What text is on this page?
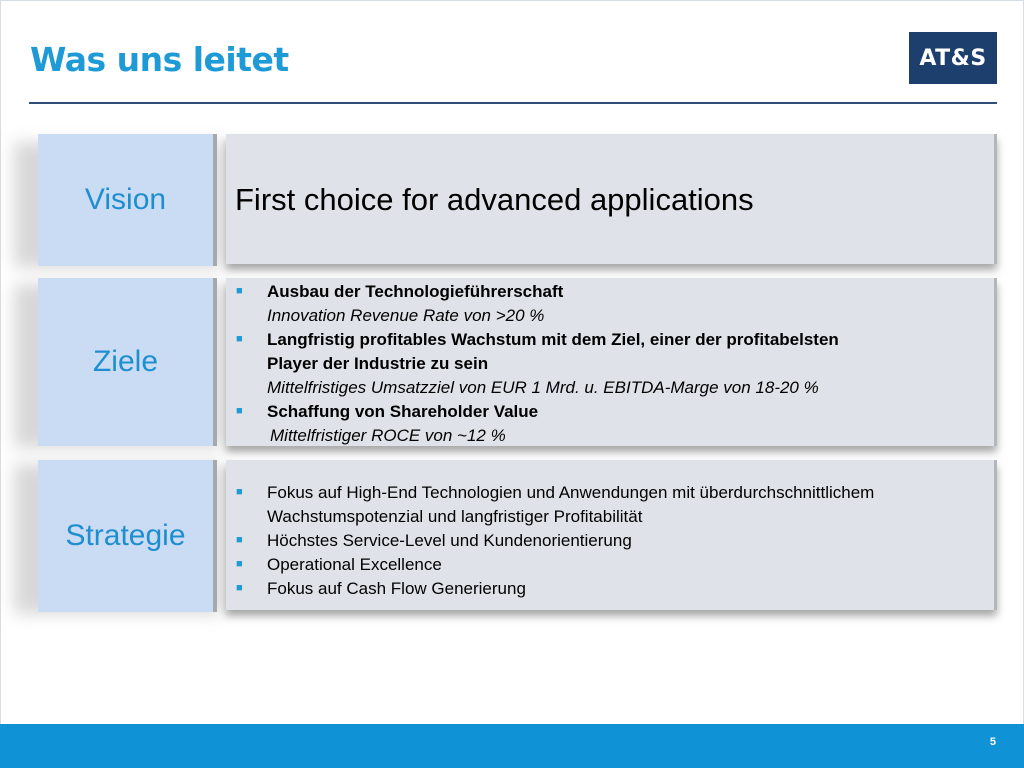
Was uns leitet	AT&S
Vision First choice for advanced applications
Ziele
■ Ausbau der Technologieführerschaft
Innovation Revenue Rate von >20 %
■ Langfristig profitables Wachstum mit dem Ziel, einer der profitabelsten
Player der Industrie zu sein
Mittelfristiges Umsatzziel von EUR 1 Mrd. u. EBITDA-Marge von 18-20 %
■ Schaffung von Shareholder Value
Mittelfristiger ROCE von ~12 %
Strategie
■ Fokus auf High-End Technologien und Anwendungen mit überdurchschnittlichem
Wachstumspotenzial und langfristiger Profitabilität
■ Höchstes Service-Level und Kundenorientierung
■ Operational Excellence
■ Fokus auf Cash Flow Generierung
5
